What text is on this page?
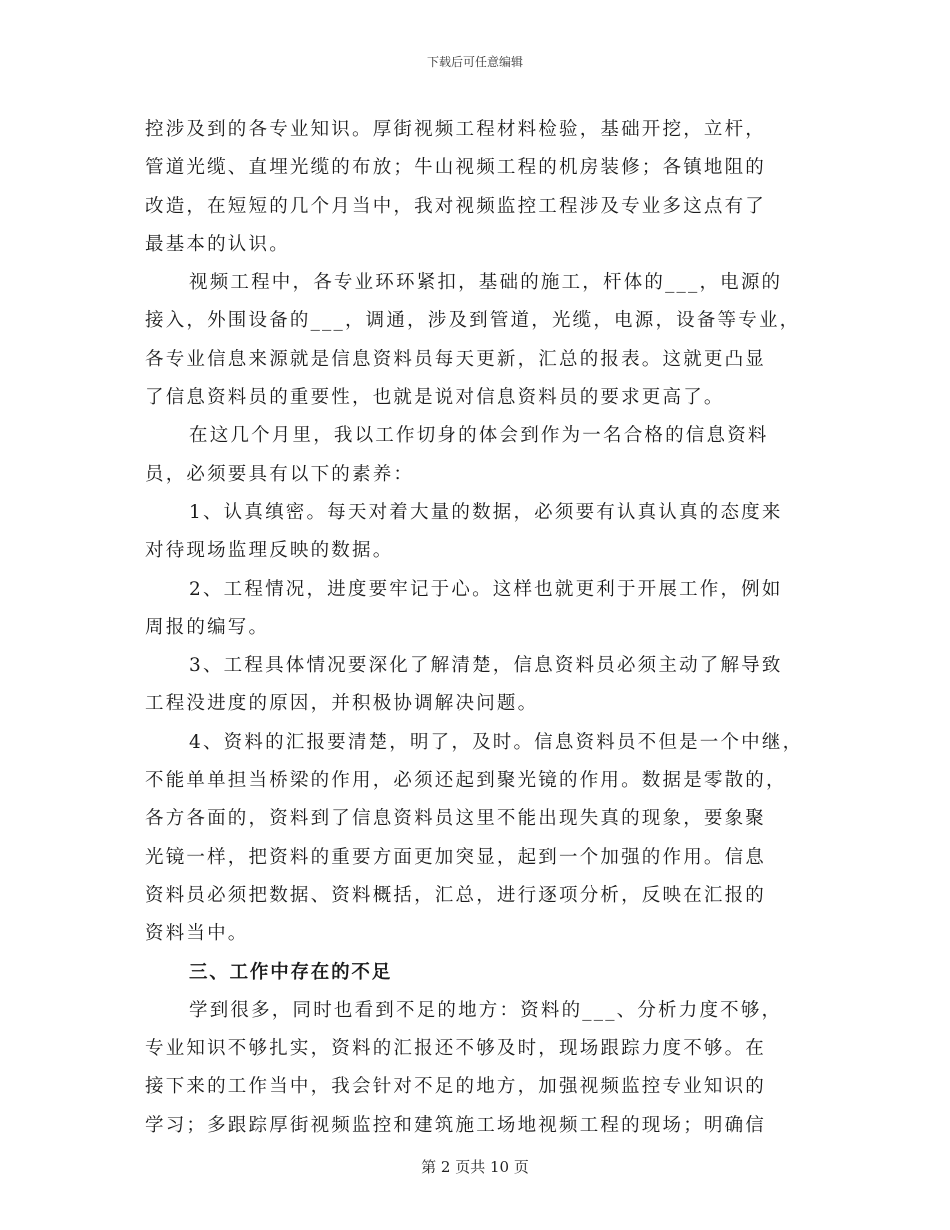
下载后可任意编辑
控涉及到的各专业知识。厚街视频工程材料检验，基础开挖，立杆，
管道光缆、直埋光缆的布放；牛山视频工程的机房装修；各镇地阻的
改造，在短短的几个月当中，我对视频监控工程涉及专业多这点有了
最基本的认识。
视频工程中，各专业环环紧扣，基础的施工，杆体的___，电源的
接入，外围设备的___，调通，涉及到管道，光缆，电源，设备等专业，
各专业信息来源就是信息资料员每天更新，汇总的报表。这就更凸显
了信息资料员的重要性，也就是说对信息资料员的要求更高了。
在这几个月里，我以工作切身的体会到作为一名合格的信息资料
员，必须要具有以下的素养：
1、认真缜密。每天对着大量的数据，必须要有认真认真的态度来
对待现场监理反映的数据。
2、工程情况，进度要牢记于心。这样也就更利于开展工作，例如
周报的编写。
3、工程具体情况要深化了解清楚，信息资料员必须主动了解导致
工程没进度的原因，并积极协调解决问题。
4、资料的汇报要清楚，明了，及时。信息资料员不但是一个中继，
不能单单担当桥梁的作用，必须还起到聚光镜的作用。数据是零散的，
各方各面的，资料到了信息资料员这里不能出现失真的现象，要象聚
光镜一样，把资料的重要方面更加突显，起到一个加强的作用。信息
资料员必须把数据、资料概括，汇总，进行逐项分析，反映在汇报的
资料当中。
三、工作中存在的不足
学到很多，同时也看到不足的地方：资料的___、分析力度不够，
专业知识不够扎实，资料的汇报还不够及时，现场跟踪力度不够。在
接下来的工作当中，我会针对不足的地方，加强视频监控专业知识的
学习；多跟踪厚街视频监控和建筑施工场地视频工程的现场；明确信
第 2 页共 10 页
